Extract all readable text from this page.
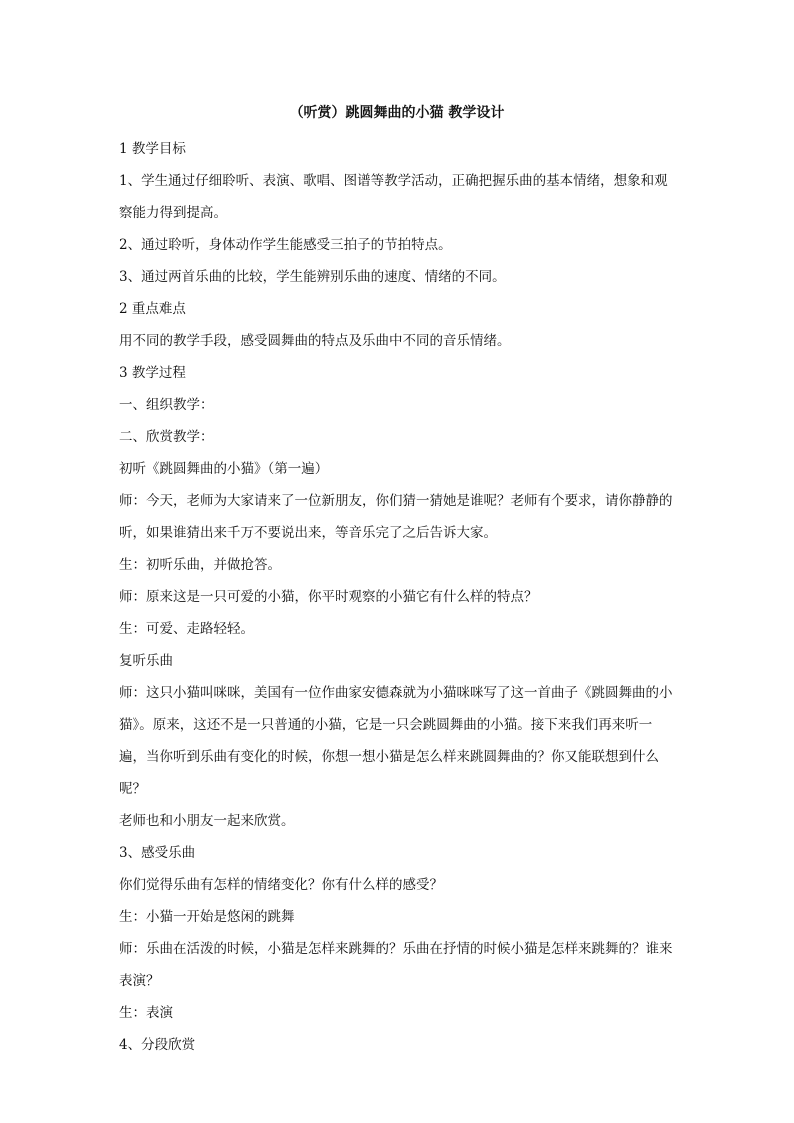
（听赏）跳圆舞曲的小猫 教学设计

1 教学目标

1、学生通过仔细聆听、表演、歌唱、图谱等教学活动，正确把握乐曲的基本情绪，想象和观察能力得到提高。

2、通过聆听，身体动作学生能感受三拍子的节拍特点。

3、通过两首乐曲的比较，学生能辨别乐曲的速度、情绪的不同。

2 重点难点

用不同的教学手段，感受圆舞曲的特点及乐曲中不同的音乐情绪。

3 教学过程

一、组织教学：

二、欣赏教学：

初听《跳圆舞曲的小猫》（第一遍）

师：今天，老师为大家请来了一位新朋友，你们猜一猜她是谁呢？老师有个要求，请你静静的听，如果谁猜出来千万不要说出来，等音乐完了之后告诉大家。

生：初听乐曲，并做抢答。

师：原来这是一只可爱的小猫，你平时观察的小猫它有什么样的特点？

生：可爱、走路轻轻。

复听乐曲

师：这只小猫叫咪咪，美国有一位作曲家安德森就为小猫咪咪写了这一首曲子《跳圆舞曲的小猫》。原来，这还不是一只普通的小猫，它是一只会跳圆舞曲的小猫。接下来我们再来听一遍，当你听到乐曲有变化的时候，你想一想小猫是怎么样来跳圆舞曲的？你又能联想到什么呢？

老师也和小朋友一起来欣赏。

3、感受乐曲

你们觉得乐曲有怎样的情绪变化？你有什么样的感受？

生：小猫一开始是悠闲的跳舞

师：乐曲在活泼的时候，小猫是怎样来跳舞的？乐曲在抒情的时候小猫是怎样来跳舞的？谁来表演？

生：表演

4、分段欣赏
